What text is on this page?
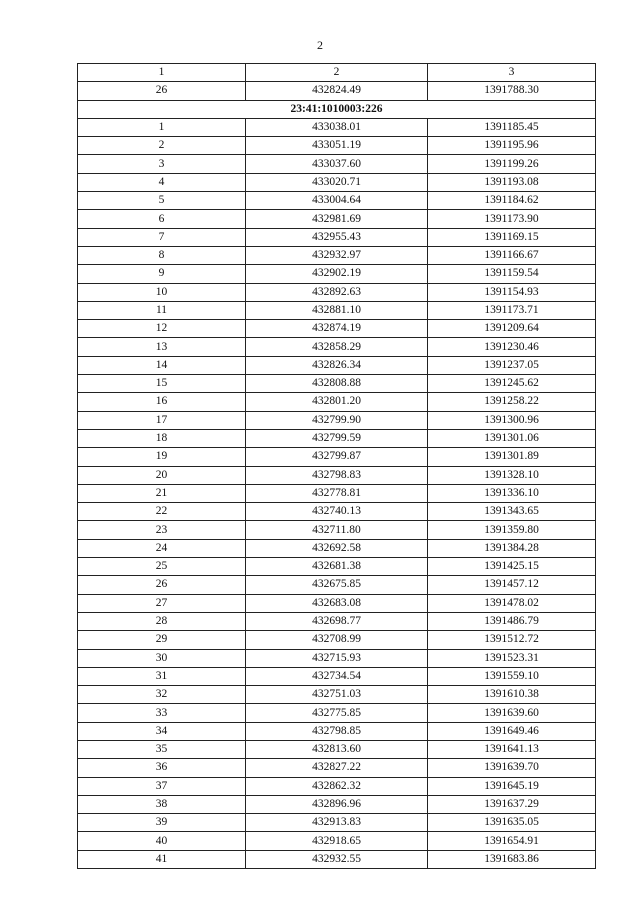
2
1	2	3
26	432824.49	1391788.30
23:41:1010003:226		
1	433038.01	1391185.45
2	433051.19	1391195.96
3	433037.60	1391199.26
4	433020.71	1391193.08
5	433004.64	1391184.62
6	432981.69	1391173.90
7	432955.43	1391169.15
8	432932.97	1391166.67
9	432902.19	1391159.54
10	432892.63	1391154.93
11	432881.10	1391173.71
12	432874.19	1391209.64
13	432858.29	1391230.46
14	432826.34	1391237.05
15	432808.88	1391245.62
16	432801.20	1391258.22
17	432799.90	1391300.96
18	432799.59	1391301.06
19	432799.87	1391301.89
20	432798.83	1391328.10
21	432778.81	1391336.10
22	432740.13	1391343.65
23	432711.80	1391359.80
24	432692.58	1391384.28
25	432681.38	1391425.15
26	432675.85	1391457.12
27	432683.08	1391478.02
28	432698.77	1391486.79
29	432708.99	1391512.72
30	432715.93	1391523.31
31	432734.54	1391559.10
32	432751.03	1391610.38
33	432775.85	1391639.60
34	432798.85	1391649.46
35	432813.60	1391641.13
36	432827.22	1391639.70
37	432862.32	1391645.19
38	432896.96	1391637.29
39	432913.83	1391635.05
40	432918.65	1391654.91
41	432932.55	1391683.86
